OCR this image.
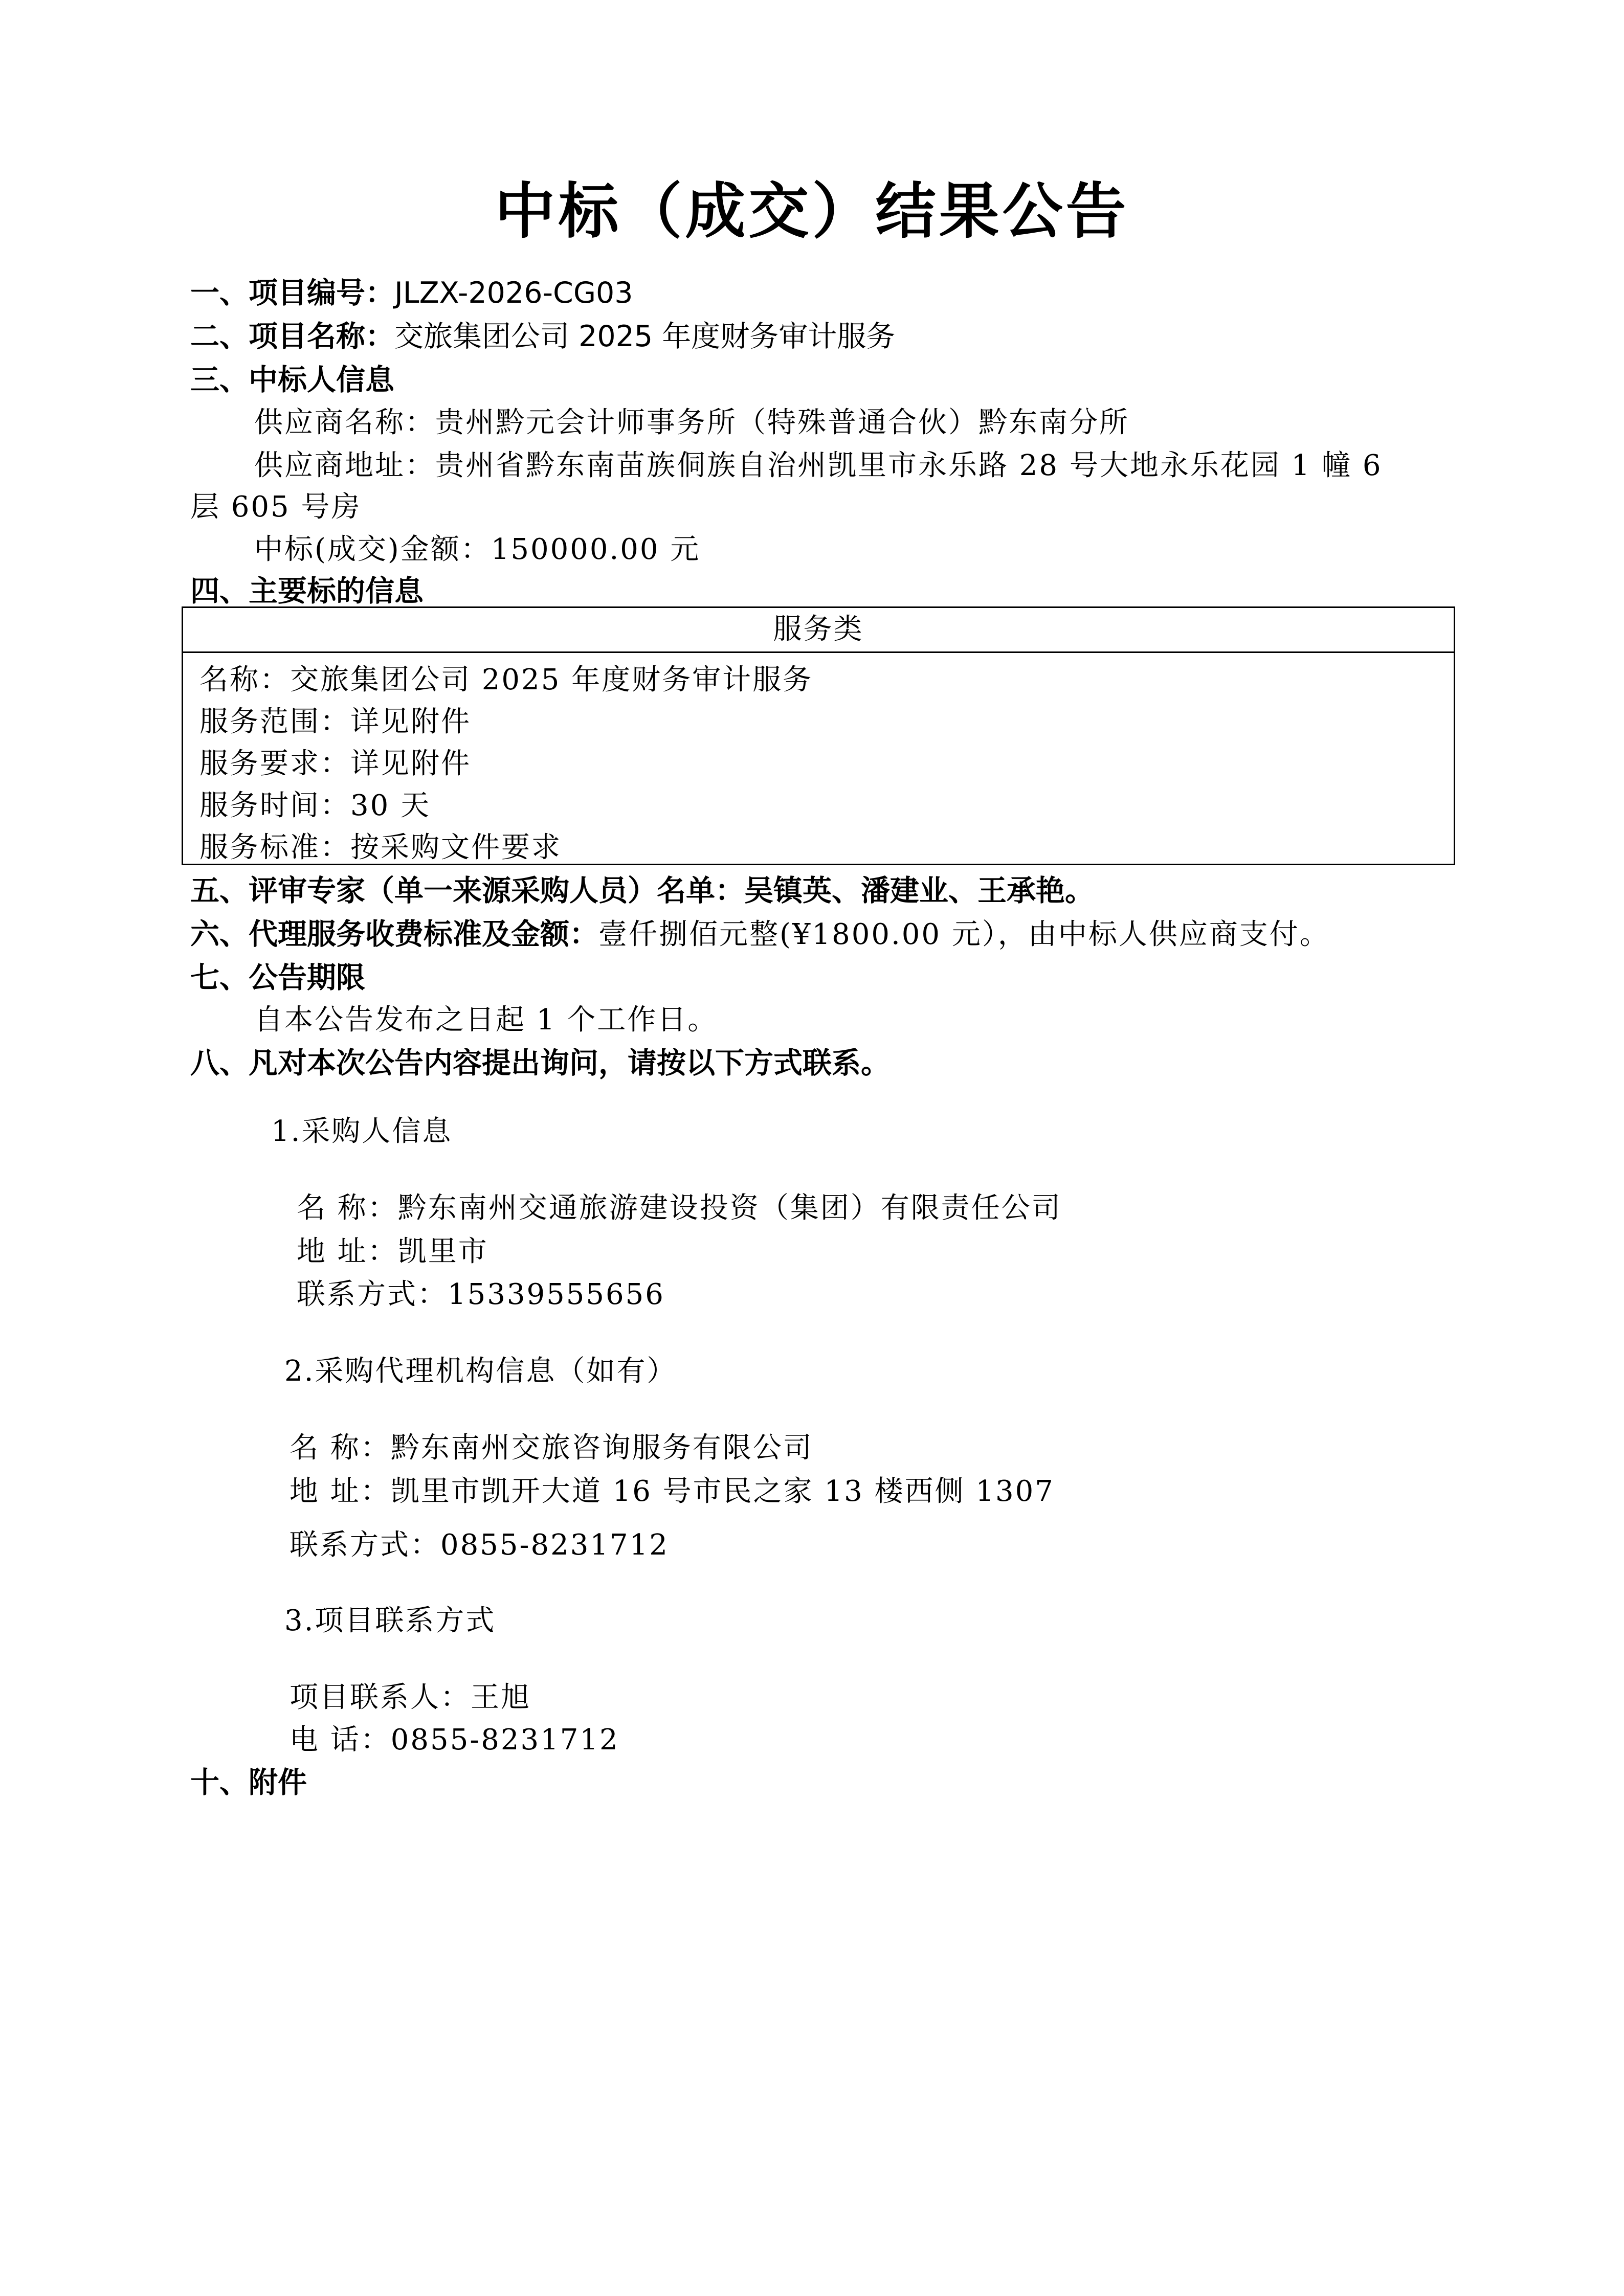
中标（成交）结果公告
一、项目编号：JLZX-2026-CG03
二、项目名称：交旅集团公司 2025 年度财务审计服务
三、中标人信息
供应商名称：贵州黔元会计师事务所（特殊普通合伙）黔东南分所
供应商地址：贵州省黔东南苗族侗族自治州凯里市永乐路 28 号大地永乐花园 1 幢 6
层 605 号房
中标(成交)金额：150000.00 元
四、主要标的信息
服务类
名称：交旅集团公司 2025 年度财务审计服务
服务范围：详见附件
服务要求：详见附件
服务时间：30 天
服务标准：按采购文件要求
五、评审专家（单一来源采购人员）名单：吴镇英、潘建业、王承艳。
六、代理服务收费标准及金额：壹仟捌佰元整(¥1800.00 元），由中标人供应商支付。
七、公告期限
自本公告发布之日起 1 个工作日。
八、凡对本次公告内容提出询问，请按以下方式联系。
1.采购人信息
名 称：黔东南州交通旅游建设投资（集团）有限责任公司
地 址：凯里市
联系方式：15339555656
2.采购代理机构信息（如有）
名 称：黔东南州交旅咨询服务有限公司
地 址：凯里市凯开大道 16 号市民之家 13 楼西侧 1307
联系方式：0855-8231712
3.项目联系方式
项目联系人：王旭
电 话：0855-8231712
十、附件
